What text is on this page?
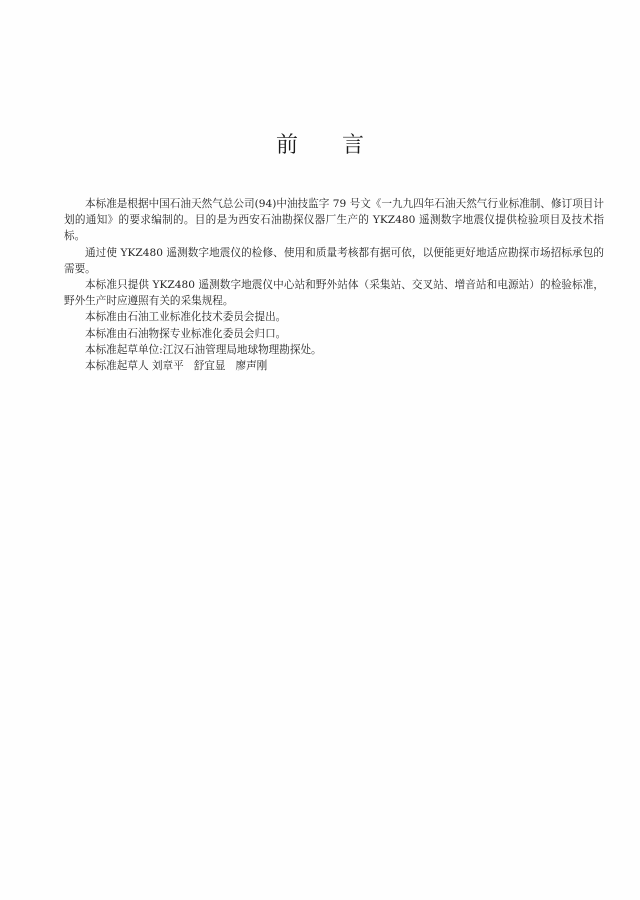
前 言

本标准是根据中国石油天然气总公司(94)中油技监字 79 号文《一九九四年石油天然气行业标准制、修订项目计划的通知》的要求编制的。目的是为西安石油勘探仪器厂生产的 YKZ480 遥测数字地震仪提供检验项目及技术指标。

通过使 YKZ480 遥测数字地震仪的检修、使用和质量考核都有据可依，以便能更好地适应勘探市场招标承包的需要。

本标准只提供 YKZ480 遥测数字地震仪中心站和野外站体（采集站、交叉站、增音站和电源站）的检验标准，野外生产时应遵照有关的采集规程。

本标准由石油工业标准化技术委员会提出。

本标准由石油物探专业标准化委员会归口。

本标准起草单位:江汉石油管理局地球物理勘探处。

本标准起草人 刘章平 舒宜显 廖声刚
